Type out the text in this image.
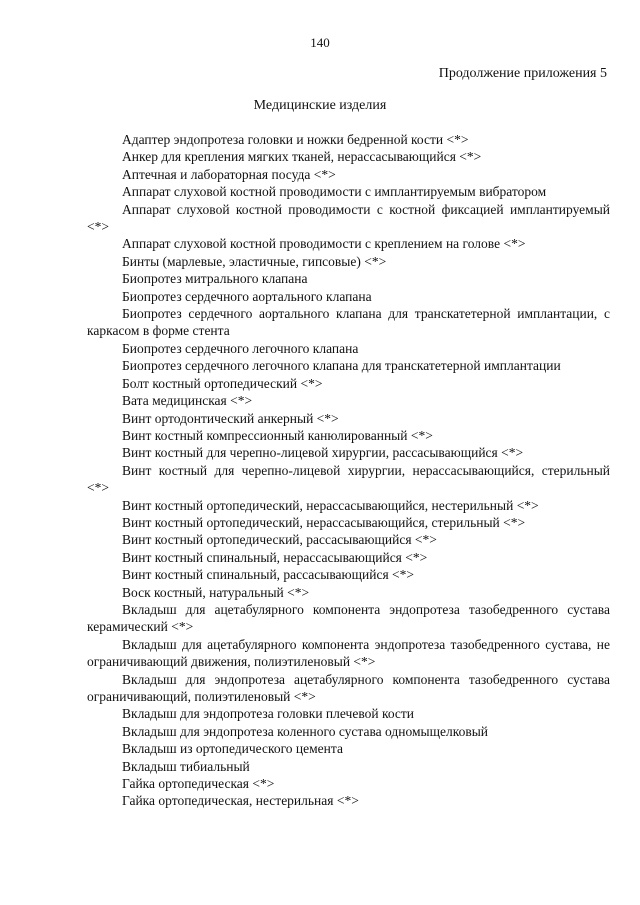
140
Продолжение приложения 5
Медицинские изделия
Адаптер эндопротеза головки и ножки бедренной кости <*>
Анкер для крепления мягких тканей, нерассасывающийся <*>
Аптечная и лабораторная посуда <*>
Аппарат слуховой костной проводимости с имплантируемым вибратором
Аппарат слуховой костной проводимости с костной фиксацией имплантируемый <*>
Аппарат слуховой костной проводимости с креплением на голове <*>
Бинты (марлевые, эластичные, гипсовые) <*>
Биопротез митрального клапана
Биопротез сердечного аортального клапана
Биопротез сердечного аортального клапана для транскатетерной имплантации, с каркасом в форме стента
Биопротез сердечного легочного клапана
Биопротез сердечного легочного клапана для транскатетерной имплантации
Болт костный ортопедический <*>
Вата медицинская <*>
Винт ортодонтический анкерный <*>
Винт костный компрессионный канюлированный <*>
Винт костный для черепно-лицевой хирургии, рассасывающийся <*>
Винт костный для черепно-лицевой хирургии, нерассасывающийся, стерильный <*>
Винт костный ортопедический, нерассасывающийся, нестерильный <*>
Винт костный ортопедический, нерассасывающийся, стерильный <*>
Винт костный ортопедический, рассасывающийся <*>
Винт костный спинальный, нерассасывающийся <*>
Винт костный спинальный, рассасывающийся <*>
Воск костный, натуральный <*>
Вкладыш для ацетабулярного компонента эндопротеза тазобедренного сустава керамический <*>
Вкладыш для ацетабулярного компонента эндопротеза тазобедренного сустава, не ограничивающий движения, полиэтиленовый <*>
Вкладыш для эндопротеза ацетабулярного компонента тазобедренного сустава ограничивающий, полиэтиленовый <*>
Вкладыш для эндопротеза головки плечевой кости
Вкладыш для эндопротеза коленного сустава одномыщелковый
Вкладыш из ортопедического цемента
Вкладыш тибиальный
Гайка ортопедическая <*>
Гайка ортопедическая, нестерильная <*>
